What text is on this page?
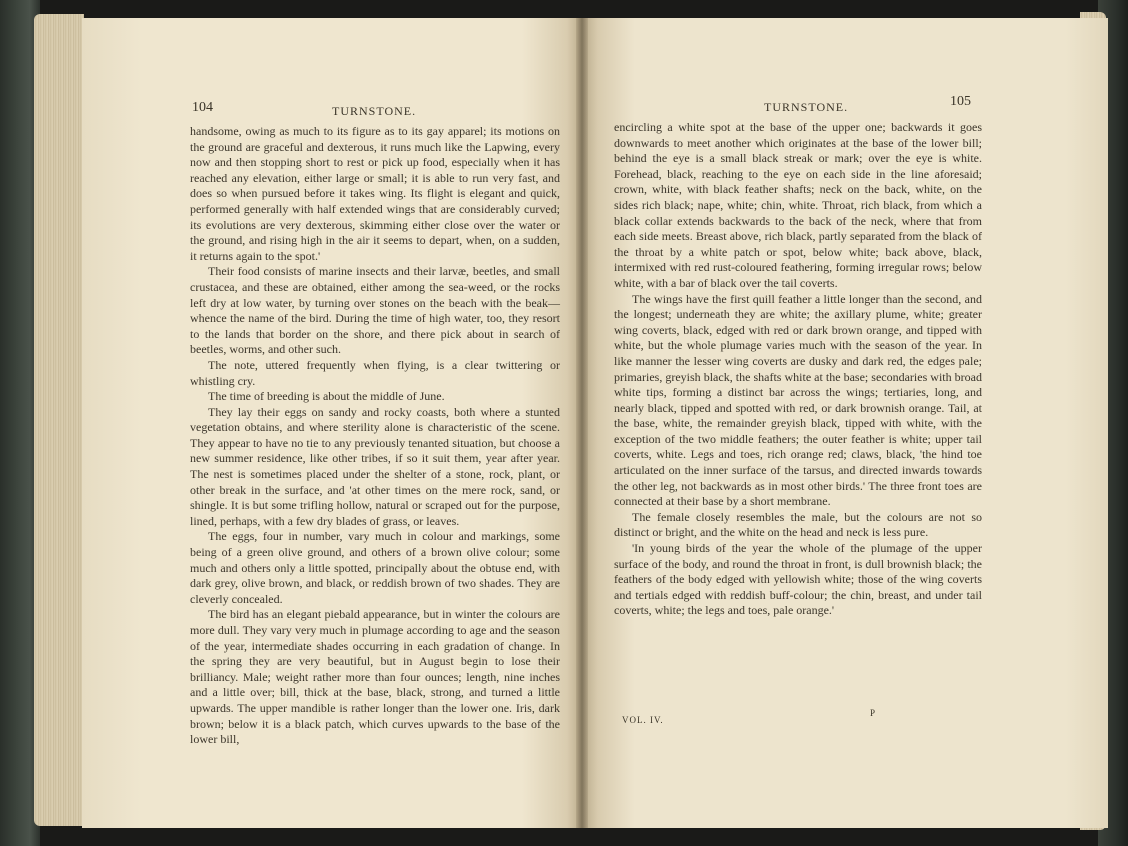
104	TURNSTONE.

handsome, owing as much to its figure as to its gay apparel; its motions on the ground are graceful and dexterous, it runs much like the Lapwing, every now and then stopping short to rest or pick up food, especially when it has reached any elevation, either large or small; it is able to run very fast, and does so when pursued before it takes wing. Its flight is elegant and quick, performed generally with half extended wings that are considerably curved; its evolutions are very dexterous, skimming either close over the water or the ground, and rising high in the air it seems to depart, when, on a sudden, it returns again to the spot.'

Their food consists of marine insects and their larvæ, beetles, and small crustacea, and these are obtained, either among the sea-weed, or the rocks left dry at low water, by turning over stones on the beach with the beak—whence the name of the bird. During the time of high water, too, they resort to the lands that border on the shore, and there pick about in search of beetles, worms, and other such.

The note, uttered frequently when flying, is a clear twittering or whistling cry.

The time of breeding is about the middle of June.

They lay their eggs on sandy and rocky coasts, both where a stunted vegetation obtains, and where sterility alone is characteristic of the scene. They appear to have no tie to any previously tenanted situation, but choose a new summer residence, like other tribes, if so it suit them, year after year. The nest is sometimes placed under the shelter of a stone, rock, plant, or other break in the surface, and 'at other times on the mere rock, sand, or shingle. It is but some trifling hollow, natural or scraped out for the purpose, lined, perhaps, with a few dry blades of grass, or leaves.

The eggs, four in number, vary much in colour and markings, some being of a green olive ground, and others of a brown olive colour; some much and others only a little spotted, principally about the obtuse end, with dark grey, olive brown, and black, or reddish brown of two shades. They are cleverly concealed.

The bird has an elegant piebald appearance, but in winter the colours are more dull. They vary very much in plumage according to age and the season of the year, intermediate shades occurring in each gradation of change. In the spring they are very beautiful, but in August begin to lose their brilliancy. Male; weight rather more than four ounces; length, nine inches and a little over; bill, thick at the base, black, strong, and turned a little upwards. The upper mandible is rather longer than the lower one. Iris, dark brown; below it is a black patch, which curves upwards to the base of the lower bill,

TURNSTONE.	105

encircling a white spot at the base of the upper one; backwards it goes downwards to meet another which originates at the base of the lower bill; behind the eye is a small black streak or mark; over the eye is white. Forehead, black, reaching to the eye on each side in the line aforesaid; crown, white, with black feather shafts; neck on the back, white, on the sides rich black; nape, white; chin, white. Throat, rich black, from which a black collar extends backwards to the back of the neck, where that from each side meets. Breast above, rich black, partly separated from the black of the throat by a white patch or spot, below white; back above, black, intermixed with red rust-coloured feathering, forming irregular rows; below white, with a bar of black over the tail coverts.

The wings have the first quill feather a little longer than the second, and the longest; underneath they are white; the axillary plume, white; greater wing coverts, black, edged with red or dark brown orange, and tipped with white, but the whole plumage varies much with the season of the year. In like manner the lesser wing coverts are dusky and dark red, the edges pale; primaries, greyish black, the shafts white at the base; secondaries with broad white tips, forming a distinct bar across the wings; tertiaries, long, and nearly black, tipped and spotted with red, or dark brownish orange. Tail, at the base, white, the remainder greyish black, tipped with white, with the exception of the two middle feathers; the outer feather is white; upper tail coverts, white. Legs and toes, rich orange red; claws, black, 'the hind toe articulated on the inner surface of the tarsus, and directed inwards towards the other leg, not backwards as in most other birds.' The three front toes are connected at their base by a short membrane.

The female closely resembles the male, but the colours are not so distinct or bright, and the white on the head and neck is less pure.

'In young birds of the year the whole of the plumage of the upper surface of the body, and round the throat in front, is dull brownish black; the feathers of the body edged with yellowish white; those of the wing coverts and tertials edged with reddish buff-colour; the chin, breast, and under tail coverts, white; the legs and toes, pale orange.'

VOL. IV.
P
